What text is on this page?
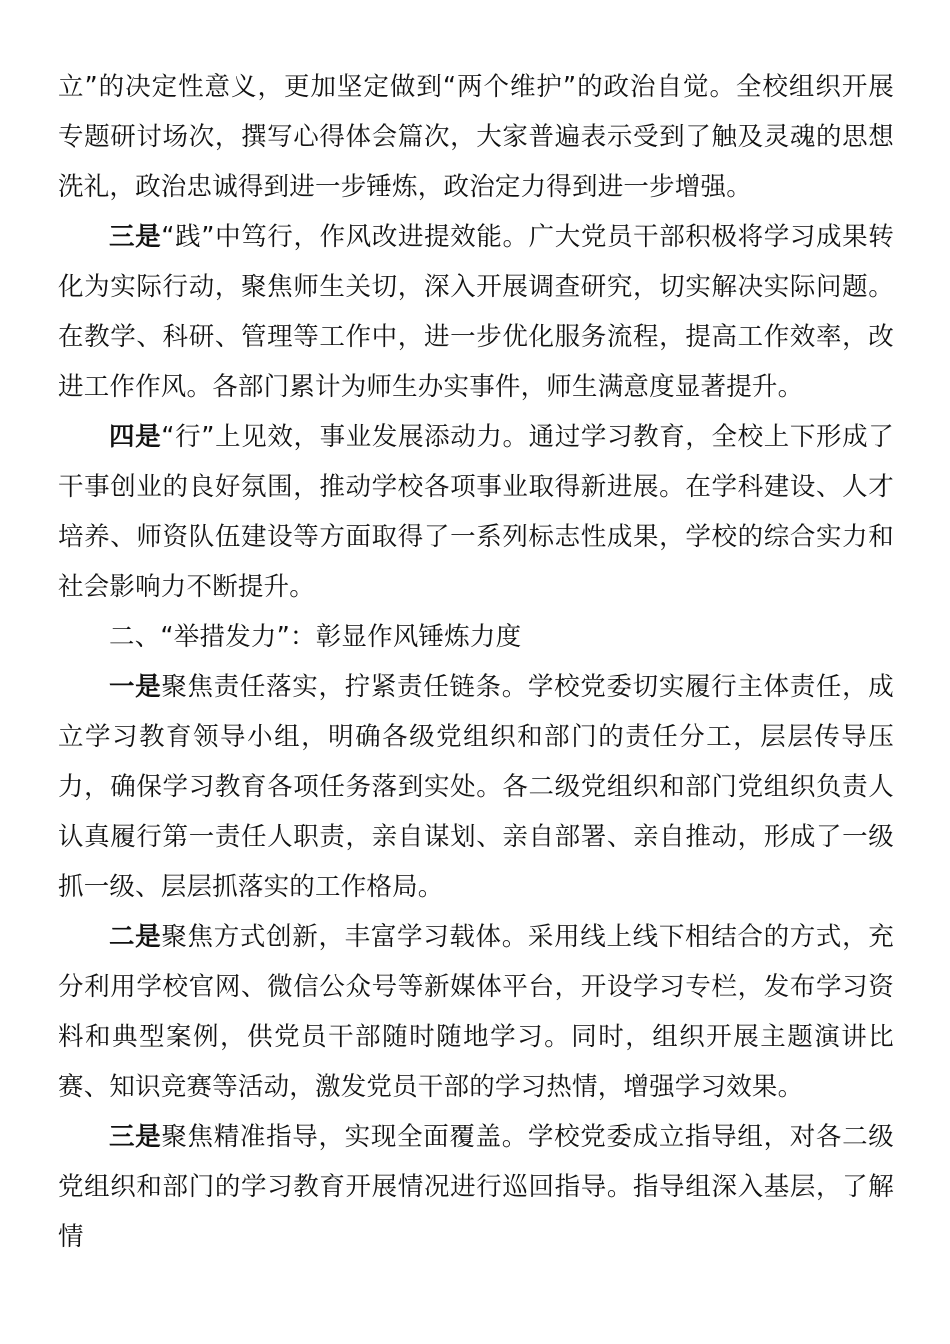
立”的决定性意义，更加坚定做到“两个维护”的政治自觉。全校组织开展专题研讨场次，撰写心得体会篇次，大家普遍表示受到了触及灵魂的思想洗礼，政治忠诚得到进一步锤炼，政治定力得到进一步增强。

三是“践”中笃行，作风改进提效能。广大党员干部积极将学习成果转化为实际行动，聚焦师生关切，深入开展调查研究，切实解决实际问题。在教学、科研、管理等工作中，进一步优化服务流程，提高工作效率，改进工作作风。各部门累计为师生办实事件，师生满意度显著提升。

四是“行”上见效，事业发展添动力。通过学习教育，全校上下形成了干事创业的良好氛围，推动学校各项事业取得新进展。在学科建设、人才培养、师资队伍建设等方面取得了一系列标志性成果，学校的综合实力和社会影响力不断提升。

二、“举措发力”：彰显作风锤炼力度

一是聚焦责任落实，拧紧责任链条。学校党委切实履行主体责任，成立学习教育领导小组，明确各级党组织和部门的责任分工，层层传导压力，确保学习教育各项任务落到实处。各二级党组织和部门党组织负责人认真履行第一责任人职责，亲自谋划、亲自部署、亲自推动，形成了一级抓一级、层层抓落实的工作格局。

二是聚焦方式创新，丰富学习载体。采用线上线下相结合的方式，充分利用学校官网、微信公众号等新媒体平台，开设学习专栏，发布学习资料和典型案例，供党员干部随时随地学习。同时，组织开展主题演讲比赛、知识竞赛等活动，激发党员干部的学习热情，增强学习效果。

三是聚焦精准指导，实现全面覆盖。学校党委成立指导组，对各二级党组织和部门的学习教育开展情况进行巡回指导。指导组深入基层，了解情
